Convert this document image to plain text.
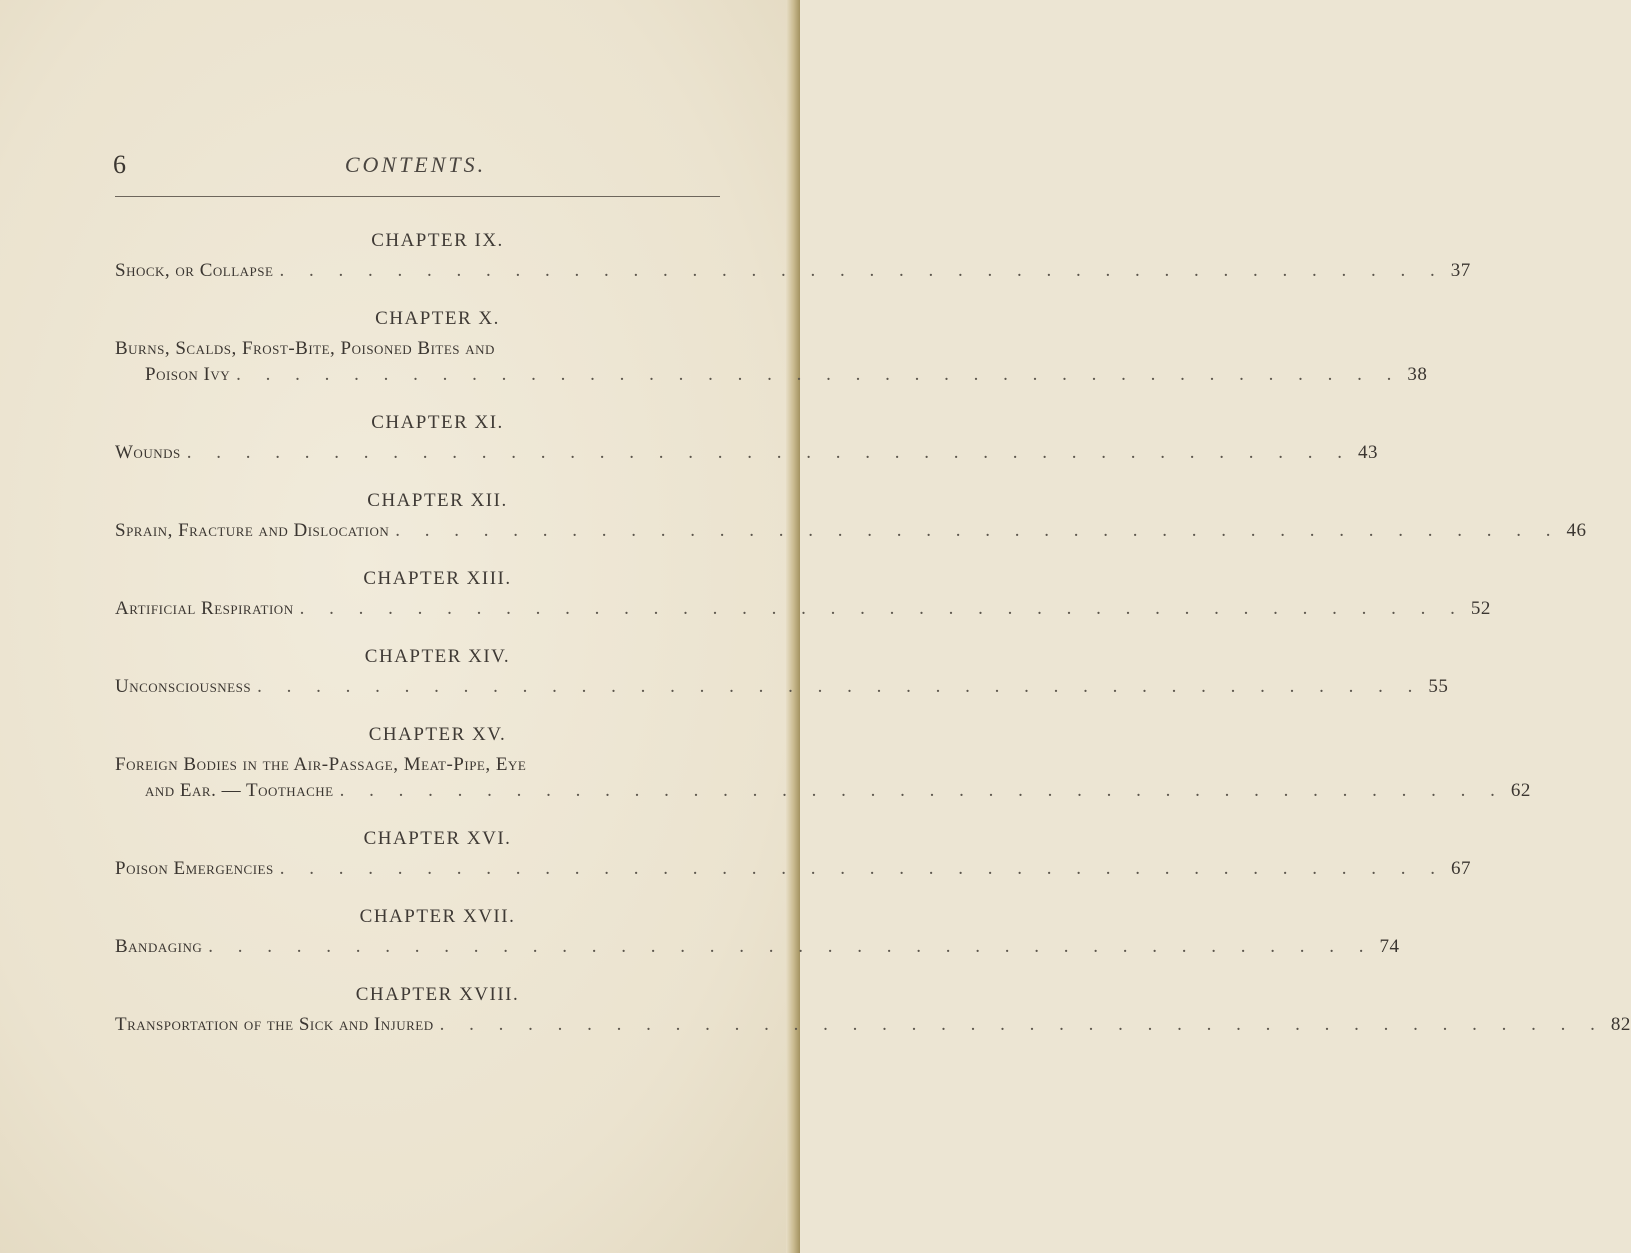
6	CONTENTS.
CHAPTER IX.
Shock, or Collapse . . . . . . . . . . . . . . . . . . . . . . . . . . . . . . . . . . . . . . . . 37
CHAPTER X.
Burns, Scalds, Frost-Bite, Poisoned Bites and
Poison Ivy . . . . . . . . . . . . . . . . . . . . . . . . . . . . . . . . . . . . . . . . 38
CHAPTER XI.
Wounds . . . . . . . . . . . . . . . . . . . . . . . . . . . . . . . . . . . . . . . . 43
CHAPTER XII.
Sprain, Fracture and Dislocation . . . . . . . . . . . . . . . . . . . . . . . . . . . . . . . . . . . . . . . . 46
CHAPTER XIII.
Artificial Respiration . . . . . . . . . . . . . . . . . . . . . . . . . . . . . . . . . . . . . . . . 52
CHAPTER XIV.
Unconsciousness . . . . . . . . . . . . . . . . . . . . . . . . . . . . . . . . . . . . . . . . 55
CHAPTER XV.
Foreign Bodies in the Air-Passage, Meat-Pipe, Eye
and Ear. — Toothache . . . . . . . . . . . . . . . . . . . . . . . . . . . . . . . . . . . . . . . . 62
CHAPTER XVI.
Poison Emergencies . . . . . . . . . . . . . . . . . . . . . . . . . . . . . . . . . . . . . . . . 67
CHAPTER XVII.
Bandaging . . . . . . . . . . . . . . . . . . . . . . . . . . . . . . . . . . . . . . . . 74
CHAPTER XVIII.
Transportation of the Sick and Injured . . . . . . . . . . . . . . . . . . . . . . . . . . . . . . . . . . . . . . . . 82
